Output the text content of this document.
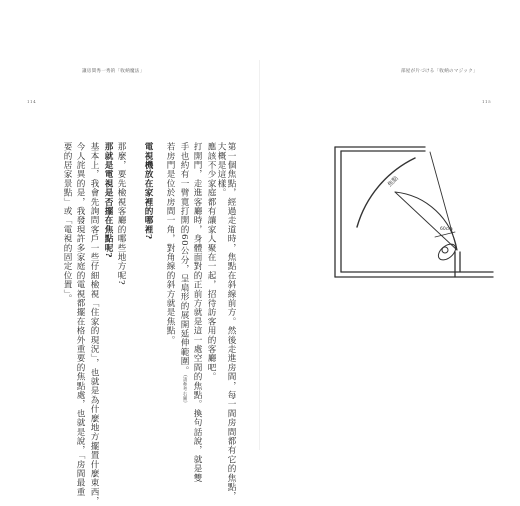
讓房間秀一秀的「收納魔法」	部屋が片づける「收納のマジック」
114	115
要的居家景點」或「電視的固定位置」。 今人詫異的是，我發現許多家庭的電視都擺在格外重要的焦點處，也就是說，「房間最重 基本上，我會先詢問客戶一些仔細檢視「住家的現況」，也就是為什麼地方擺置什麼東西， 那就是電視是否擺在焦點呢? 那麼，要先檢視客廳的哪些地方呢? 電視機放在家裡的哪裡? 若房門是位於房間一角，對角線的斜方就是焦點。 手也約有一臂寬打開的60公分，呈扇形的展開延伸範圍。(請參考右圖) 打開門，走進客廳時，身體面對的正前方就是這一處空間的焦點。換句話說，就是雙 應該不少家庭都有讓家人聚在一起，招待訪客用的客廳吧。 大概是這樣。 第一個焦點，經過走道時，焦點在斜線前方。然後走進房間，每一間房間都有它的焦點，	焦點
60cm
